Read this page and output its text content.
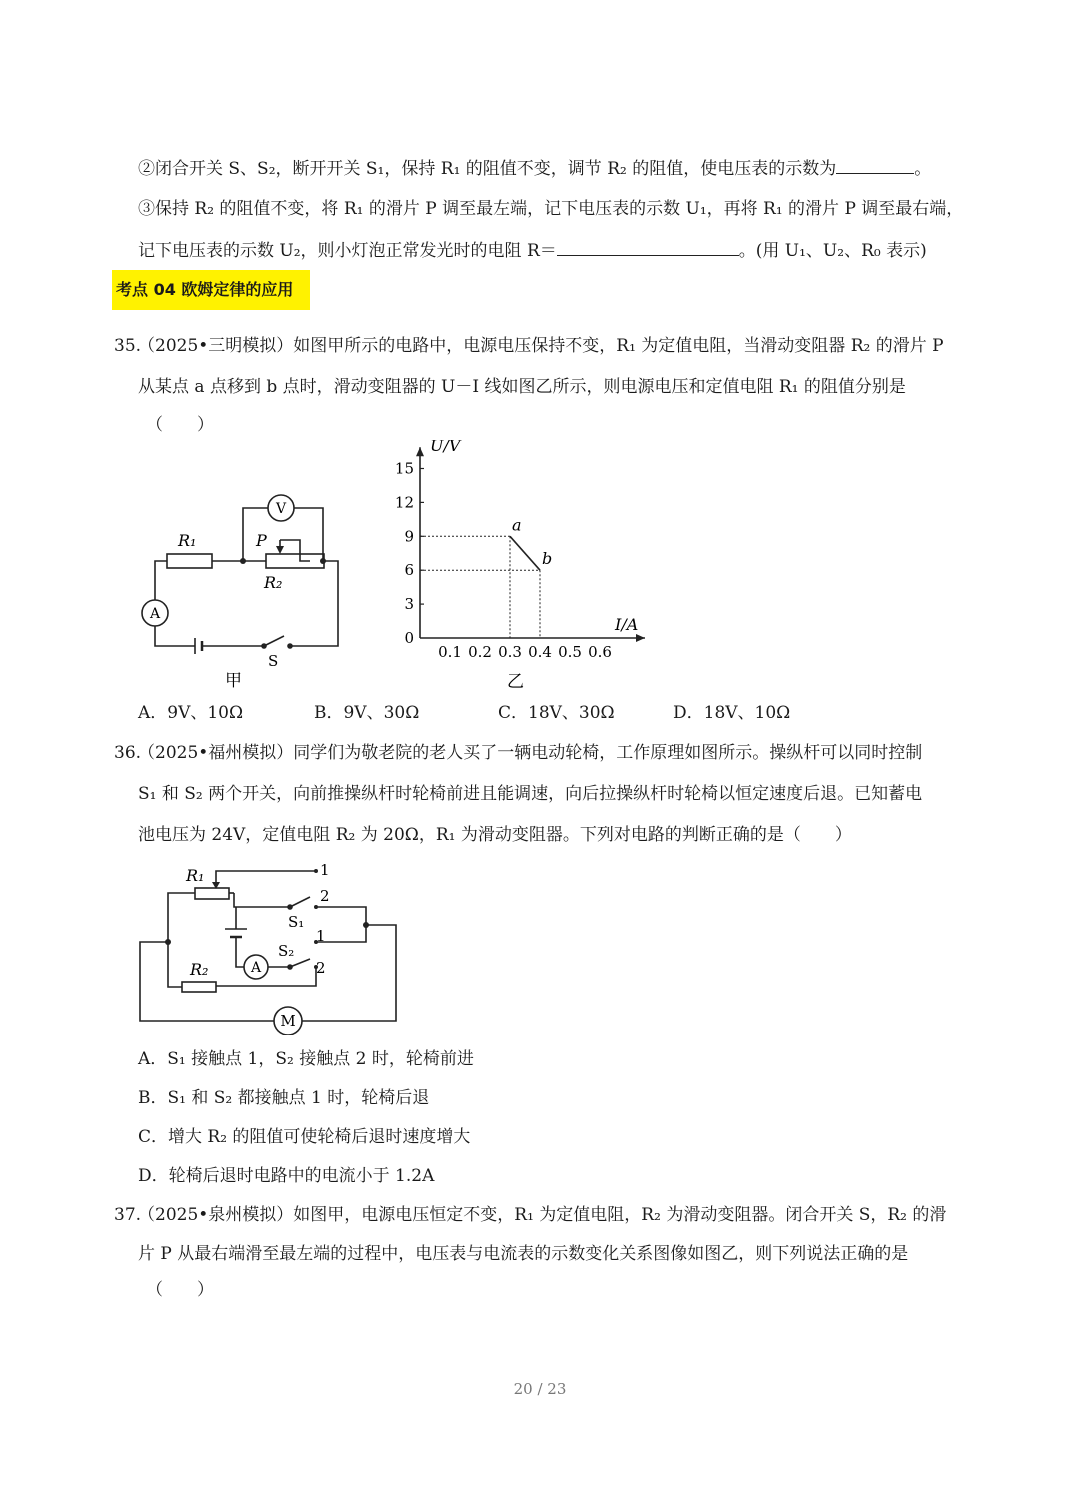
②闭合开关 S、S₂，断开开关 S₁，保持 R₁ 的阻值不变，调节 R₂ 的阻值，使电压表的示数为	。
③保持 R₂ 的阻值不变，将 R₁ 的滑片 P 调至最左端，记下电压表的示数 U₁，再将 R₁ 的滑片 P 调至最右端，
记下电压表的示数 U₂，则小灯泡正常发光时的电阻 R＝	。(用 U₁、U₂、R₀ 表示)
考点 04 欧姆定律的应用
35.
（2025•三明模拟）如图甲所示的电路中，电源电压保持不变，R₁ 为定值电阻，当滑动变阻器 R₂ 的滑片 P
从某点 a 点移到 b 点时，滑动变阻器的 U－I 线如图乙所示，则电源电压和定值电阻 R₁ 的阻值分别是
（　　）
V
A
R₁	P
R₂
S
甲
U/V
I/A
0
3
6
9
12
15
0.1 0.2 0.3 0.4 0.5 0.6
a
b
乙
A．9V、10Ω	B．9V、30Ω	C．18V、30Ω	D．18V、10Ω
36.
（2025•福州模拟）同学们为敬老院的老人买了一辆电动轮椅，工作原理如图所示。操纵杆可以同时控制
S₁ 和 S₂ 两个开关，向前推操纵杆时轮椅前进且能调速，向后拉操纵杆时轮椅以恒定速度后退。已知蓄电
池电压为 24V，定值电阻 R₂ 为 20Ω，R₁ 为滑动变阻器。下列对电路的判断正确的是（　　）
A
M
R₁
R₂
S₁
S₂
1
2
1
2
A．S₁ 接触点 1，S₂ 接触点 2 时，轮椅前进
B．S₁ 和 S₂ 都接触点 1 时，轮椅后退
C．增大 R₂ 的阻值可使轮椅后退时速度增大
D．轮椅后退时电路中的电流小于 1.2A
37.
（2025•泉州模拟）如图甲，电源电压恒定不变，R₁ 为定值电阻，R₂ 为滑动变阻器。闭合开关 S，R₂ 的滑
片 P 从最右端滑至最左端的过程中，电压表与电流表的示数变化关系图像如图乙，则下列说法正确的是
（　　）
20 / 23
